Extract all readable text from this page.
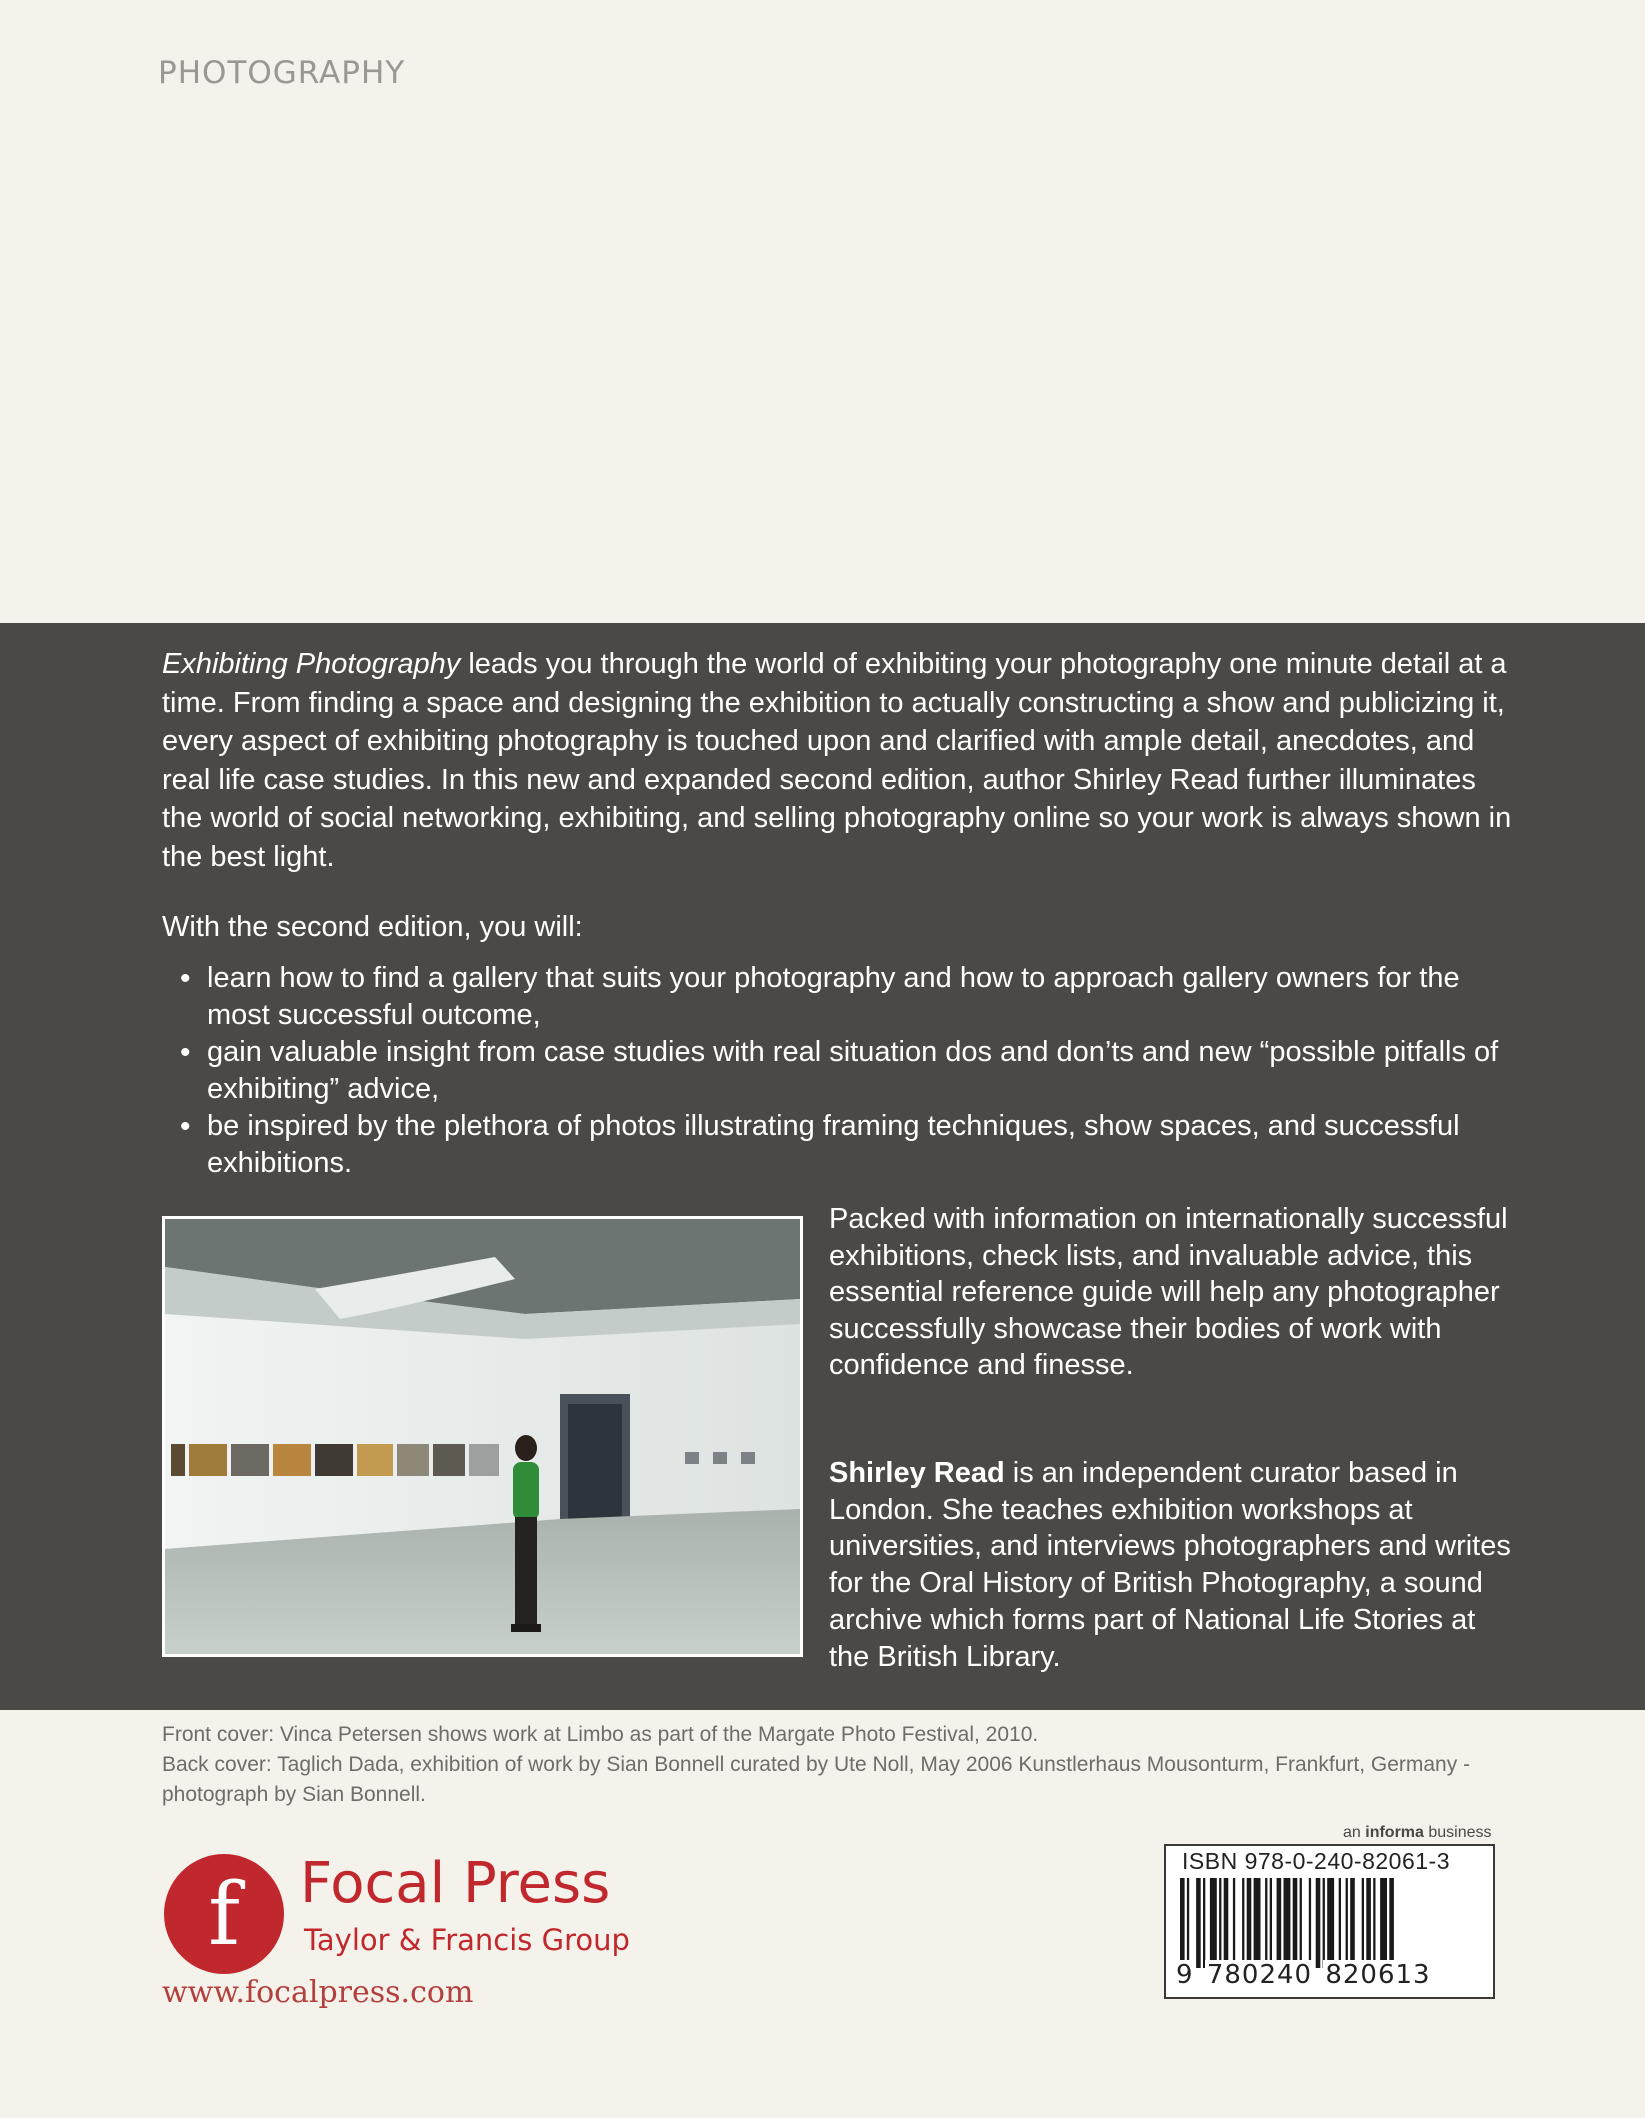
PHOTOGRAPHY
Exhibiting Photography leads you through the world of exhibiting your photography one minute detail at a time. From finding a space and designing the exhibition to actually constructing a show and publicizing it, every aspect of exhibiting photography is touched upon and clarified with ample detail, anecdotes, and real life case studies. In this new and expanded second edition, author Shirley Read further illuminates the world of social networking, exhibiting, and selling photography online so your work is always shown in the best light.
With the second edition, you will:
• learn how to find a gallery that suits your photography and how to approach gallery owners for the most successful outcome,
• gain valuable insight from case studies with real situation dos and don’ts and new “possible pitfalls of exhibiting” advice,
• be inspired by the plethora of photos illustrating framing techniques, show spaces, and successful exhibitions.
Packed with information on internationally successful exhibitions, check lists, and invaluable advice, this essential reference guide will help any photographer successfully showcase their bodies of work with confidence and finesse.
Shirley Read is an independent curator based in London. She teaches exhibition workshops at universities, and interviews photographers and writes for the Oral History of British Photography, a sound archive which forms part of National Life Stories at the British Library.
Front cover: Vinca Petersen shows work at Limbo as part of the Margate Photo Festival, 2010.
Back cover: Taglich Dada, exhibition of work by Sian Bonnell curated by Ute Noll, May 2006 Kunstlerhaus Mousonturm, Frankfurt, Germany - photograph by Sian Bonnell.
f Focal Press
Taylor & Francis Group
www.focalpress.com
an informa business
ISBN 978-0-240-82061-3
9 780240 820613
